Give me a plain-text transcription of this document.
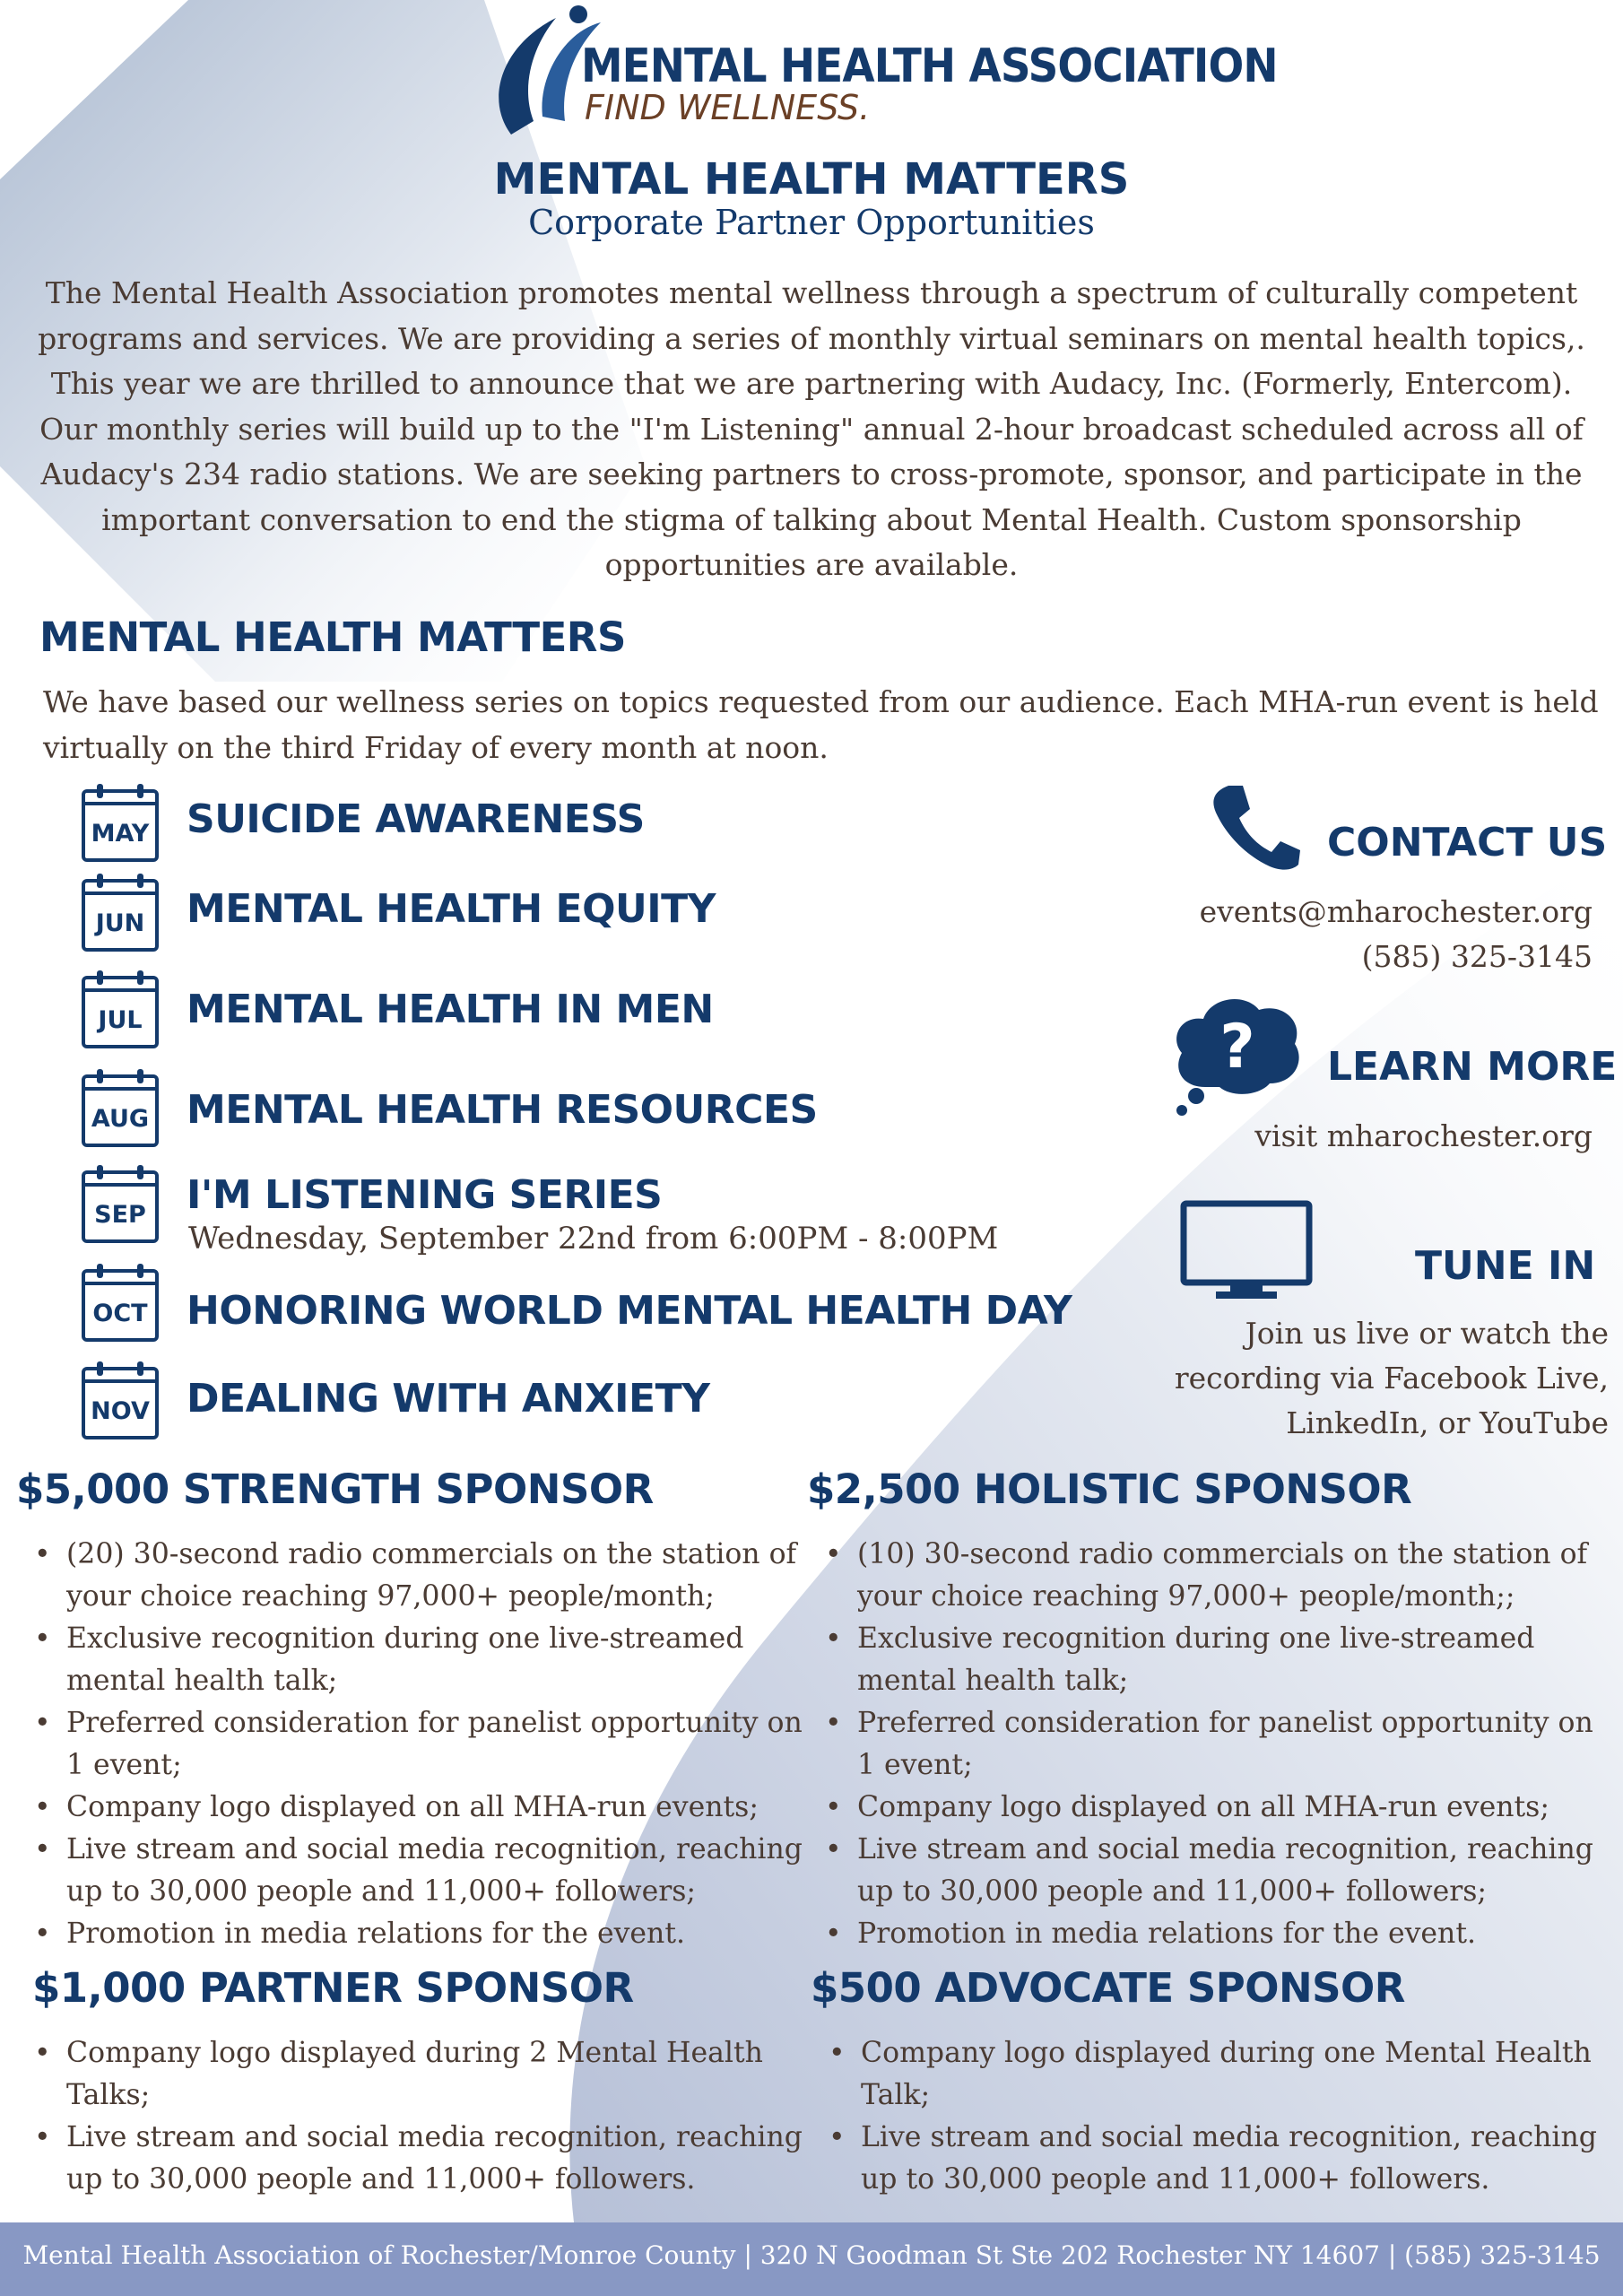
MENTAL HEALTH ASSOCIATION
FIND WELLNESS.
MENTAL HEALTH MATTERS
Corporate Partner Opportunities
The Mental Health Association promotes mental wellness through a spectrum of culturally competent programs and services. We are providing a series of monthly virtual seminars on mental health topics,. This year we are thrilled to announce that we are partnering with Audacy, Inc. (Formerly, Entercom). Our monthly series will build up to the "I'm Listening" annual 2-hour broadcast scheduled across all of Audacy's 234 radio stations. We are seeking partners to cross-promote, sponsor, and participate in the important conversation to end the stigma of talking about Mental Health. Custom sponsorship opportunities are available.
MENTAL HEALTH MATTERS
We have based our wellness series on topics requested from our audience. Each MHA-run event is held virtually on the third Friday of every month at noon.
MAY SUICIDE AWARENESS
JUN	MENTAL HEALTH EQUITY
JUL	MENTAL HEALTH IN MEN
AUG MENTAL HEALTH RESOURCES
SEP	I'M LISTENING SERIES
Wednesday, September 22nd from 6:00PM - 8:00PM
OCT HONORING WORLD MENTAL HEALTH DAY
NOV DEALING WITH ANXIETY
CONTACT US
events@mharochester.org
(585) 325-3145
? LEARN MORE
visit mharochester.org
TUNE IN
Join us live or watch the
recording via Facebook Live,
LinkedIn, or YouTube
$5,000 STRENGTH SPONSOR
• (20) 30-second radio commercials on the station of your choice reaching 97,000+ people/month;
• Exclusive recognition during one live-streamed mental health talk;
• Preferred consideration for panelist opportunity on 1 event;
• Company logo displayed on all MHA-run events;
• Live stream and social media recognition, reaching up to 30,000 people and 11,000+ followers;
• Promotion in media relations for the event.
$2,500 HOLISTIC SPONSOR
• (10) 30-second radio commercials on the station of your choice reaching 97,000+ people/month;;
• Exclusive recognition during one live-streamed mental health talk;
• Preferred consideration for panelist opportunity on 1 event;
• Company logo displayed on all MHA-run events;
• Live stream and social media recognition, reaching up to 30,000 people and 11,000+ followers;
• Promotion in media relations for the event.
$1,000 PARTNER SPONSOR
• Company logo displayed during 2 Mental Health Talks;
• Live stream and social media recognition, reaching up to 30,000 people and 11,000+ followers.
$500 ADVOCATE SPONSOR
• Company logo displayed during one Mental Health Talk;
• Live stream and social media recognition, reaching up to 30,000 people and 11,000+ followers.
Mental Health Association of Rochester/Monroe County | 320 N Goodman St Ste 202 Rochester NY 14607 | (585) 325-3145
